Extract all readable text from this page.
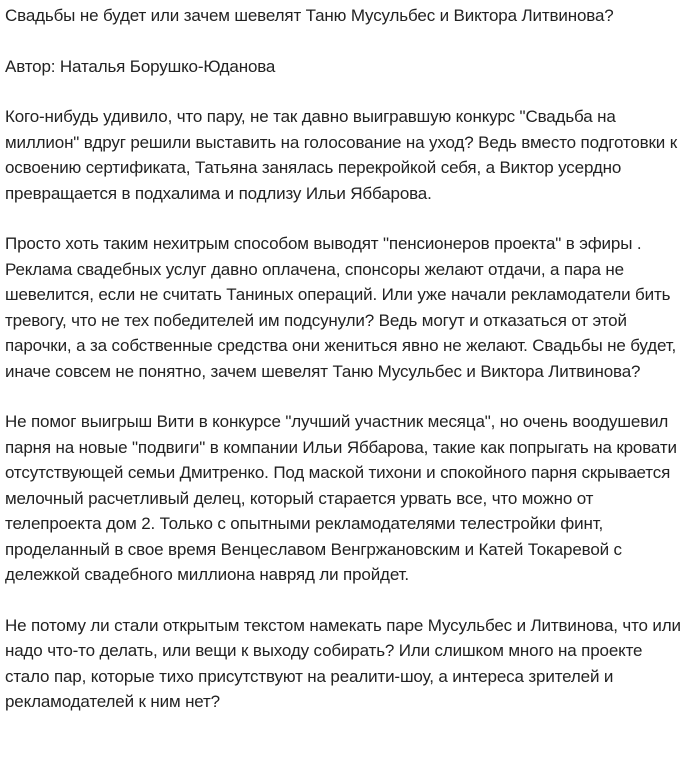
Свадьбы не будет или зачем шевелят Таню Мусульбес и Виктора Литвинова?

Автор: Наталья Борушко-Юданова

Кого-нибудь удивило, что пару, не так давно выигравшую конкурс "Свадьба на миллион" вдруг решили выставить на голосование на уход? Ведь вместо подготовки к освоению сертификата, Татьяна занялась перекройкой себя, а Виктор усердно превращается в подхалима и подлизу Ильи Яббарова.

Просто хоть таким нехитрым способом выводят "пенсионеров проекта" в эфиры . Реклама свадебных услуг давно оплачена, спонсоры желают отдачи, а пара не шевелится, если не считать Таниных операций. Или уже начали рекламодатели бить тревогу, что не тех победителей им подсунули? Ведь могут и отказаться от этой парочки, а за собственные средства они жениться явно не желают. Свадьбы не будет, иначе совсем не понятно, зачем шевелят Таню Мусульбес и Виктора Литвинова?

Не помог выигрыш Вити в конкурсе "лучший участник месяца", но очень воодушевил парня на новые "подвиги" в компании Ильи Яббарова, такие как попрыгать на кровати отсутствующей семьи Дмитренко. Под маской тихони и спокойного парня скрывается мелочный расчетливый делец, который старается урвать все, что можно от телепроекта дом 2. Только с опытными рекламодателями телестройки финт, проделанный в свое время Венцеславом Венгржановским и Катей Токаревой с дележкой свадебного миллиона навряд ли пройдет.

Не потому ли стали открытым текстом намекать паре Мусульбес и Литвинова, что или надо что-то делать, или вещи к выходу собирать? Или слишком много на проекте стало пар, которые тихо присутствуют на реалити-шоу, а интереса зрителей и рекламодателей к ним нет?
